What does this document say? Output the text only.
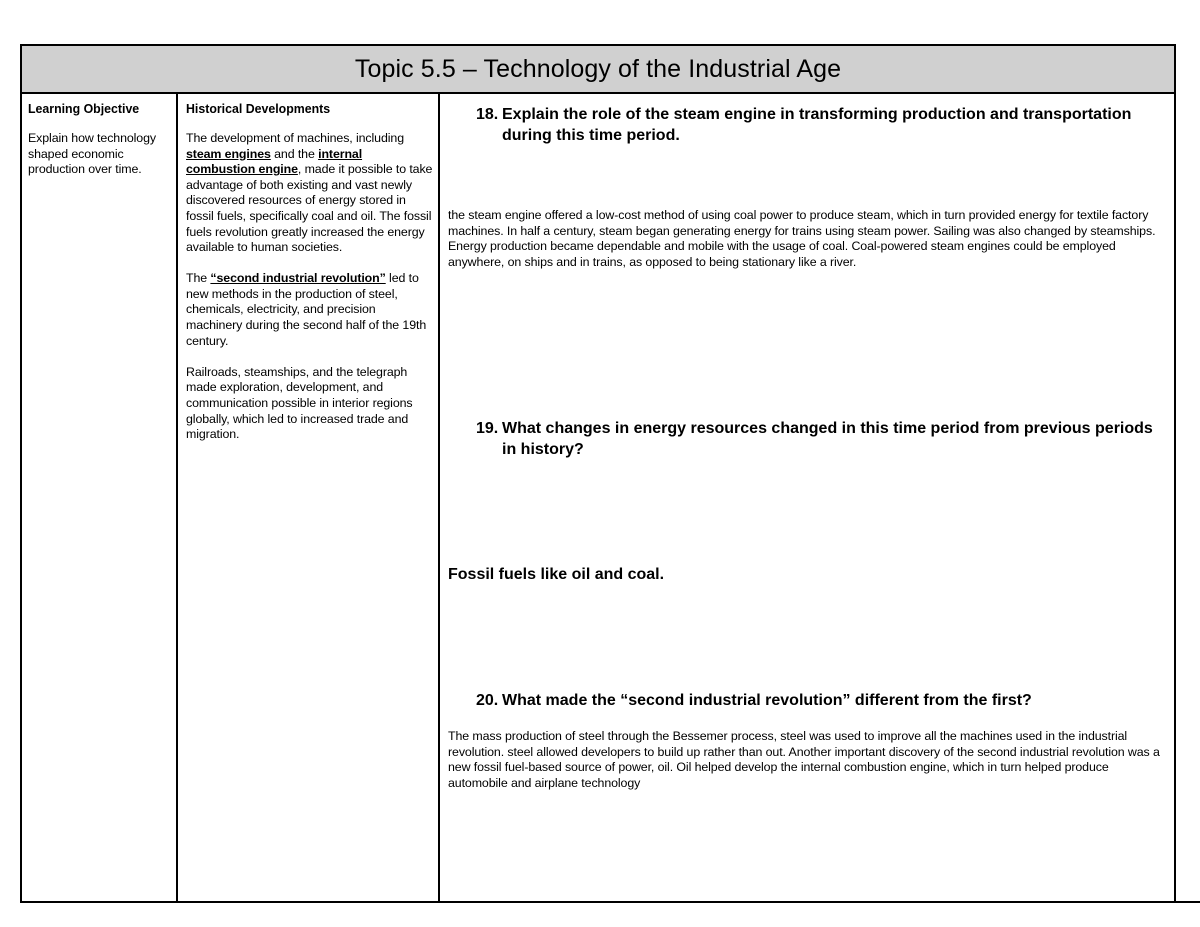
Topic 5.5 – Technology of the Industrial Age
Learning Objective
Explain how technology shaped economic production over time.
Historical Developments

The development of machines, including steam engines and the internal combustion engine, made it possible to take advantage of both existing and vast newly discovered resources of energy stored in fossil fuels, specifically coal and oil. The fossil fuels revolution greatly increased the energy available to human societies.

The “second industrial revolution” led to new methods in the production of steel, chemicals, electricity, and precision machinery during the second half of the 19th century.

Railroads, steamships, and the telegraph made exploration, development, and communication possible in interior regions globally, which led to increased trade and migration.

18. Explain the role of the steam engine in transforming production and transportation during this time period.
the steam engine offered a low-cost method of using coal power to produce steam, which in turn provided energy for textile factory machines. In half a century, steam began generating energy for trains using steam power. Sailing was also changed by steamships. Energy production became dependable and mobile with the usage of coal. Coal-powered steam engines could be employed anywhere, on ships and in trains, as opposed to being stationary like a river.
19. What changes in energy resources changed in this time period from previous periods in history?
Fossil fuels like oil and coal.
20. What made the “second industrial revolution” different from the first?
The mass production of steel through the Bessemer process, steel was used to improve all the machines used in the industrial revolution. steel allowed developers to build up rather than out. Another important discovery of the second industrial revolution was a new fossil fuel-based source of power, oil. Oil helped develop the internal combustion engine, which in turn helped produce automobile and airplane technology
